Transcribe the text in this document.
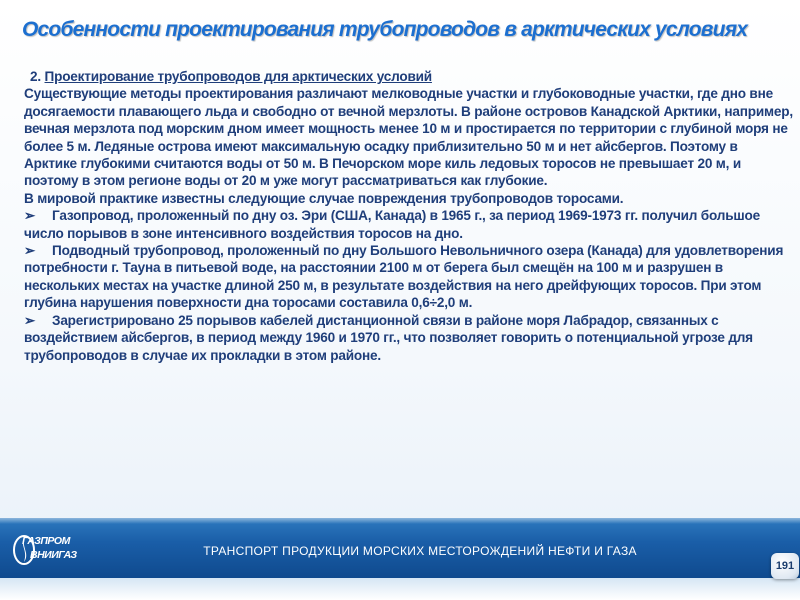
Особенности проектирования трубопроводов в арктических условиях

2. Проектирование трубопроводов для арктических условий

Существующие методы проектирования различают мелководные участки и глубоководные участки, где дно вне досягаемости плавающего льда и свободно от вечной мерзлоты. В районе островов Канадской Арктики, например, вечная мерзлота под морским дном имеет мощность менее 10 м и простирается по территории с глубиной моря не более 5 м. Ледяные острова имеют максимальную осадку приблизительно 50 м и нет айсбергов. Поэтому в Арктике глубокими считаются воды от 50 м. В Печорском море киль ледовых торосов не превышает 20 м, и поэтому в этом регионе воды от 20 м уже могут рассматриваться как глубокие.

В мировой практике известны следующие случае повреждения трубопроводов торосами.

➢ Газопровод, проложенный по дну оз. Эри (США, Канада) в 1965 г., за период 1969-1973 гг. получил большое число порывов в зоне интенсивного воздействия торосов на дно.

➢ Подводный трубопровод, проложенный по дну Большого Невольничного озера (Канада) для удовлетворения потребности г. Тауна в питьевой воде, на расстоянии 2100 м от берега был смещён на 100 м и разрушен в нескольких местах на участке длиной 250 м, в результате воздействия на него дрейфующих торосов. При этом глубина нарушения поверхности дна торосами составила 0,6÷2,0 м.

➢ Зарегистрировано 25 порывов кабелей дистанционной связи в районе моря Лабрадор, связанных с воздействием айсбергов, в период между 1960 и 1970 гг., что позволяет говорить о потенциальной угрозе для трубопроводов в случае их прокладки в этом районе.

ГАЗПРОМ
ВНИИГАЗ	ТРАНСПОРТ ПРОДУКЦИИ МОРСКИХ МЕСТОРОЖДЕНИЙ НЕФТИ И ГАЗА
191
